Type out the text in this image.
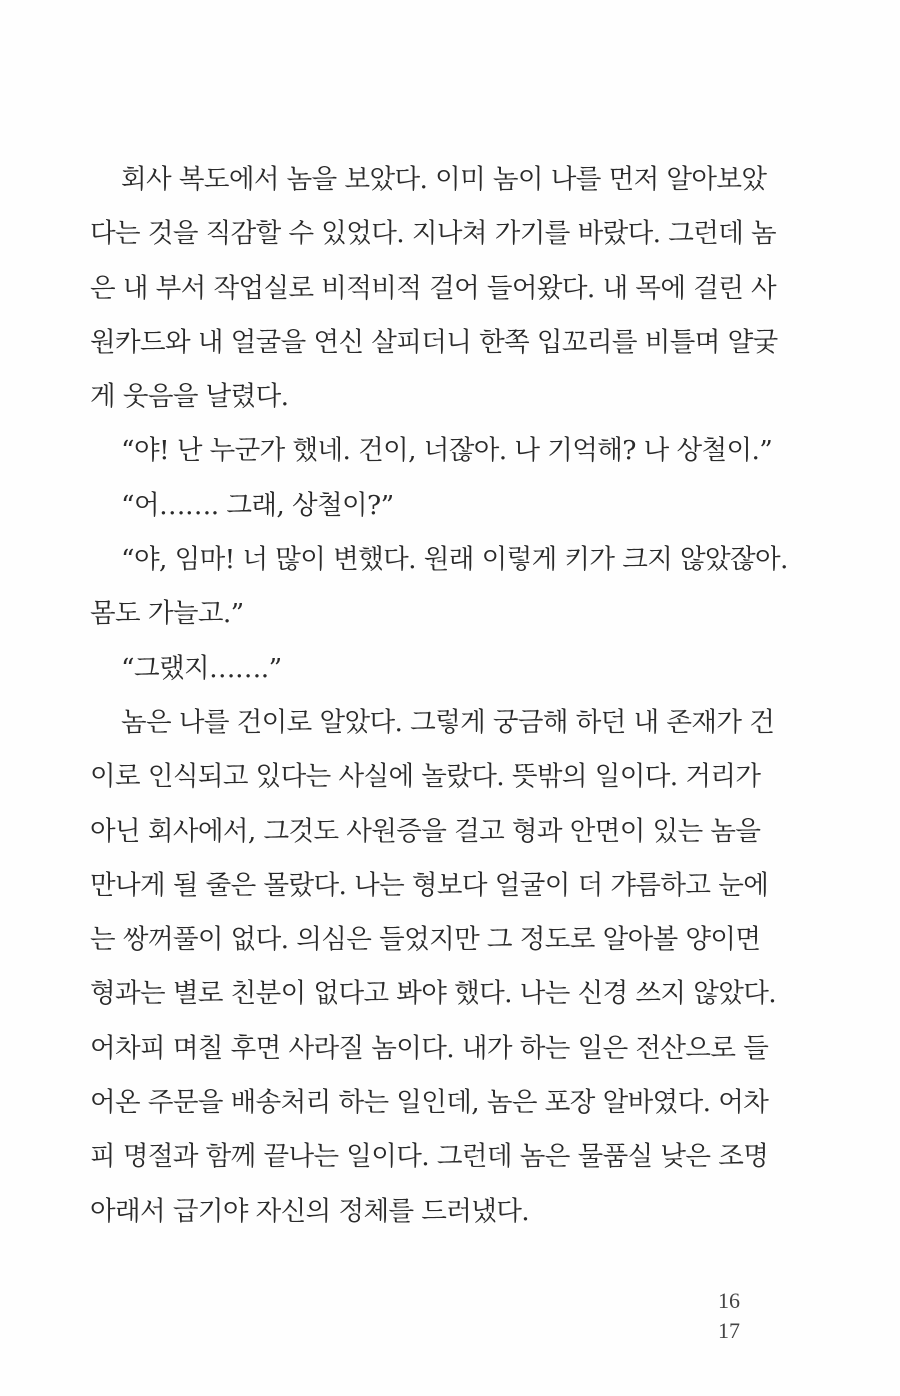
회사 복도에서 놈을 보았다. 이미 놈이 나를 먼저 알아보았
다는 것을 직감할 수 있었다. 지나쳐 가기를 바랐다. 그런데 놈
은 내 부서 작업실로 비적비적 걸어 들어왔다. 내 목에 걸린 사
원카드와 내 얼굴을 연신 살피더니 한쪽 입꼬리를 비틀며 얄궂
게 웃음을 날렸다.
“야! 난 누군가 했네. 건이, 너잖아. 나 기억해? 나 상철이.”
“어……. 그래, 상철이?”
“야, 임마! 너 많이 변했다. 원래 이렇게 키가 크지 않았잖아.
몸도 가늘고.”
“그랬지…….”
놈은 나를 건이로 알았다. 그렇게 궁금해 하던 내 존재가 건
이로 인식되고 있다는 사실에 놀랐다. 뜻밖의 일이다. 거리가
아닌 회사에서, 그것도 사원증을 걸고 형과 안면이 있는 놈을
만나게 될 줄은 몰랐다. 나는 형보다 얼굴이 더 갸름하고 눈에
는 쌍꺼풀이 없다. 의심은 들었지만 그 정도로 알아볼 양이면
형과는 별로 친분이 없다고 봐야 했다. 나는 신경 쓰지 않았다.
어차피 며칠 후면 사라질 놈이다. 내가 하는 일은 전산으로 들
어온 주문을 배송처리 하는 일인데, 놈은 포장 알바였다. 어차
피 명절과 함께 끝나는 일이다. 그런데 놈은 물품실 낮은 조명
아래서 급기야 자신의 정체를 드러냈다.
16
17
